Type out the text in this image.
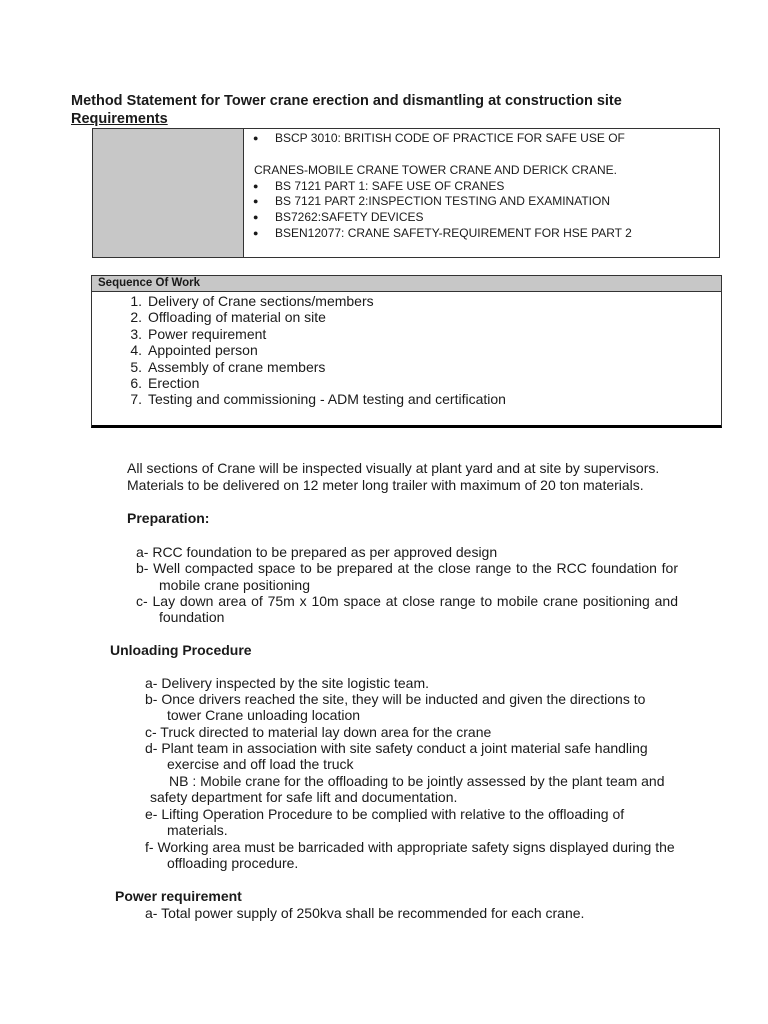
Method Statement for Tower crane erection and dismantling at construction site
Requirements
● BSCP 3010: BRITISH CODE OF PRACTICE FOR SAFE USE OF
CRANES-MOBILE CRANE TOWER CRANE AND DERICK CRANE.
● BS 7121 PART 1: SAFE USE OF CRANES
● BS 7121 PART 2:INSPECTION TESTING AND EXAMINATION
● BS7262:SAFETY DEVICES
● BSEN12077: CRANE SAFETY-REQUIREMENT FOR HSE PART 2
Sequence Of Work
1. Delivery of Crane sections/members
2. Offloading of material on site
3. Power requirement
4. Appointed person
5. Assembly of crane members
6. Erection
7. Testing and commissioning - ADM testing and certification
All sections of Crane will be inspected visually at plant yard and at site by supervisors.
Materials to be delivered on 12 meter long trailer with maximum of 20 ton materials.
Preparation:
a- RCC foundation to be prepared as per approved design
b- Well compacted space to be prepared at the close range to the RCC foundation for
mobile crane positioning
c- Lay down area of 75m x 10m space at close range to mobile crane positioning and
foundation
Unloading Procedure
a- Delivery inspected by the site logistic team.
b- Once drivers reached the site, they will be inducted and given the directions to
tower Crane unloading location
c- Truck directed to material lay down area for the crane
d- Plant team in association with site safety conduct a joint material safe handling
exercise and off load the truck
NB : Mobile crane for the offloading to be jointly assessed by the plant team and
safety department for safe lift and documentation.
e- Lifting Operation Procedure to be complied with relative to the offloading of
materials.
f- Working area must be barricaded with appropriate safety signs displayed during the
offloading procedure.
Power requirement
a- Total power supply of 250kva shall be recommended for each crane.
